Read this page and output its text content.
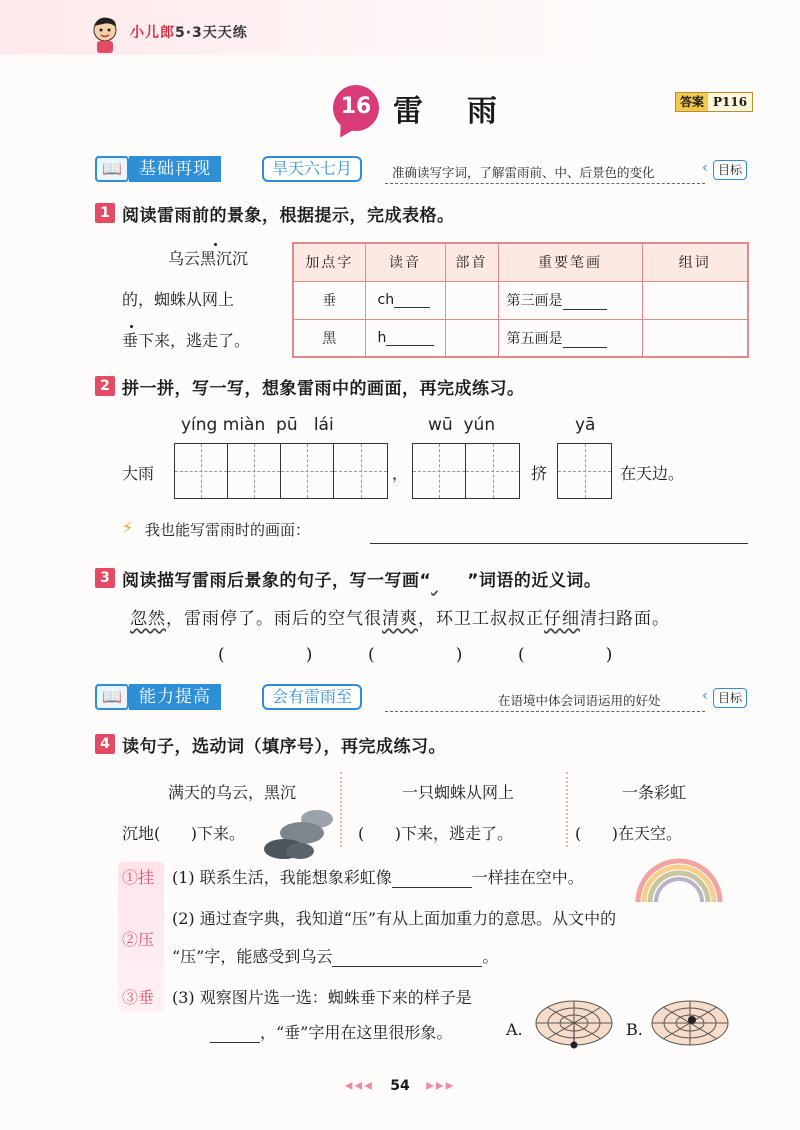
小儿郎5·3天天练
16 雷雨	答案 P116
📖	基础再现	旱天六七月	准确读写字词，了解雷雨前、中、后景色的变化	‹ 目标
1 阅读雷雨前的景象，根据提示，完成表格。
乌云黑沉沉
的，蜘蛛从网上
垂下来，逃走了。
加点字	读音	部首	重要笔画	组词
垂	ch		第三画是	
黑	h		第五画是	
2 拼一拼，写一写，想象雷雨中的画面，再完成练习。
yíng miàn  pū   lái	wū  yún	yā
大雨	，	挤	在天边。
⚡ 我也能写雷雨时的画面：
3 阅读描写雷雨后景象的句子，写一写画“ ”词语的近义词。
忽然，雷雨停了。雨后的空气很清爽，环卫工叔叔正仔细清扫路面。
(               )	(               )	(               )
📖	能力提高	会有雷雨至	在语境中体会词语运用的好处	‹ 目标
4 读句子，选动词（填序号），再完成练习。
满天的乌云，黑沉
沉地(      )下来。
一只蜘蛛从网上
(      )下来，逃走了。
一条彩虹
(      )在天空。
①挂
②压
③垂
(1) 联系生活，我能想象彩虹像	一样挂在空中。
(2) 通过查字典，我知道“压”有从上面加重力的意思。从文中的
“压”字，能感受到乌云	。
(3) 观察图片选一选：蜘蛛垂下来的样子是
，“垂”字用在这里很形象。	A.	B.
◀◀◀ 54 ▶▶▶
